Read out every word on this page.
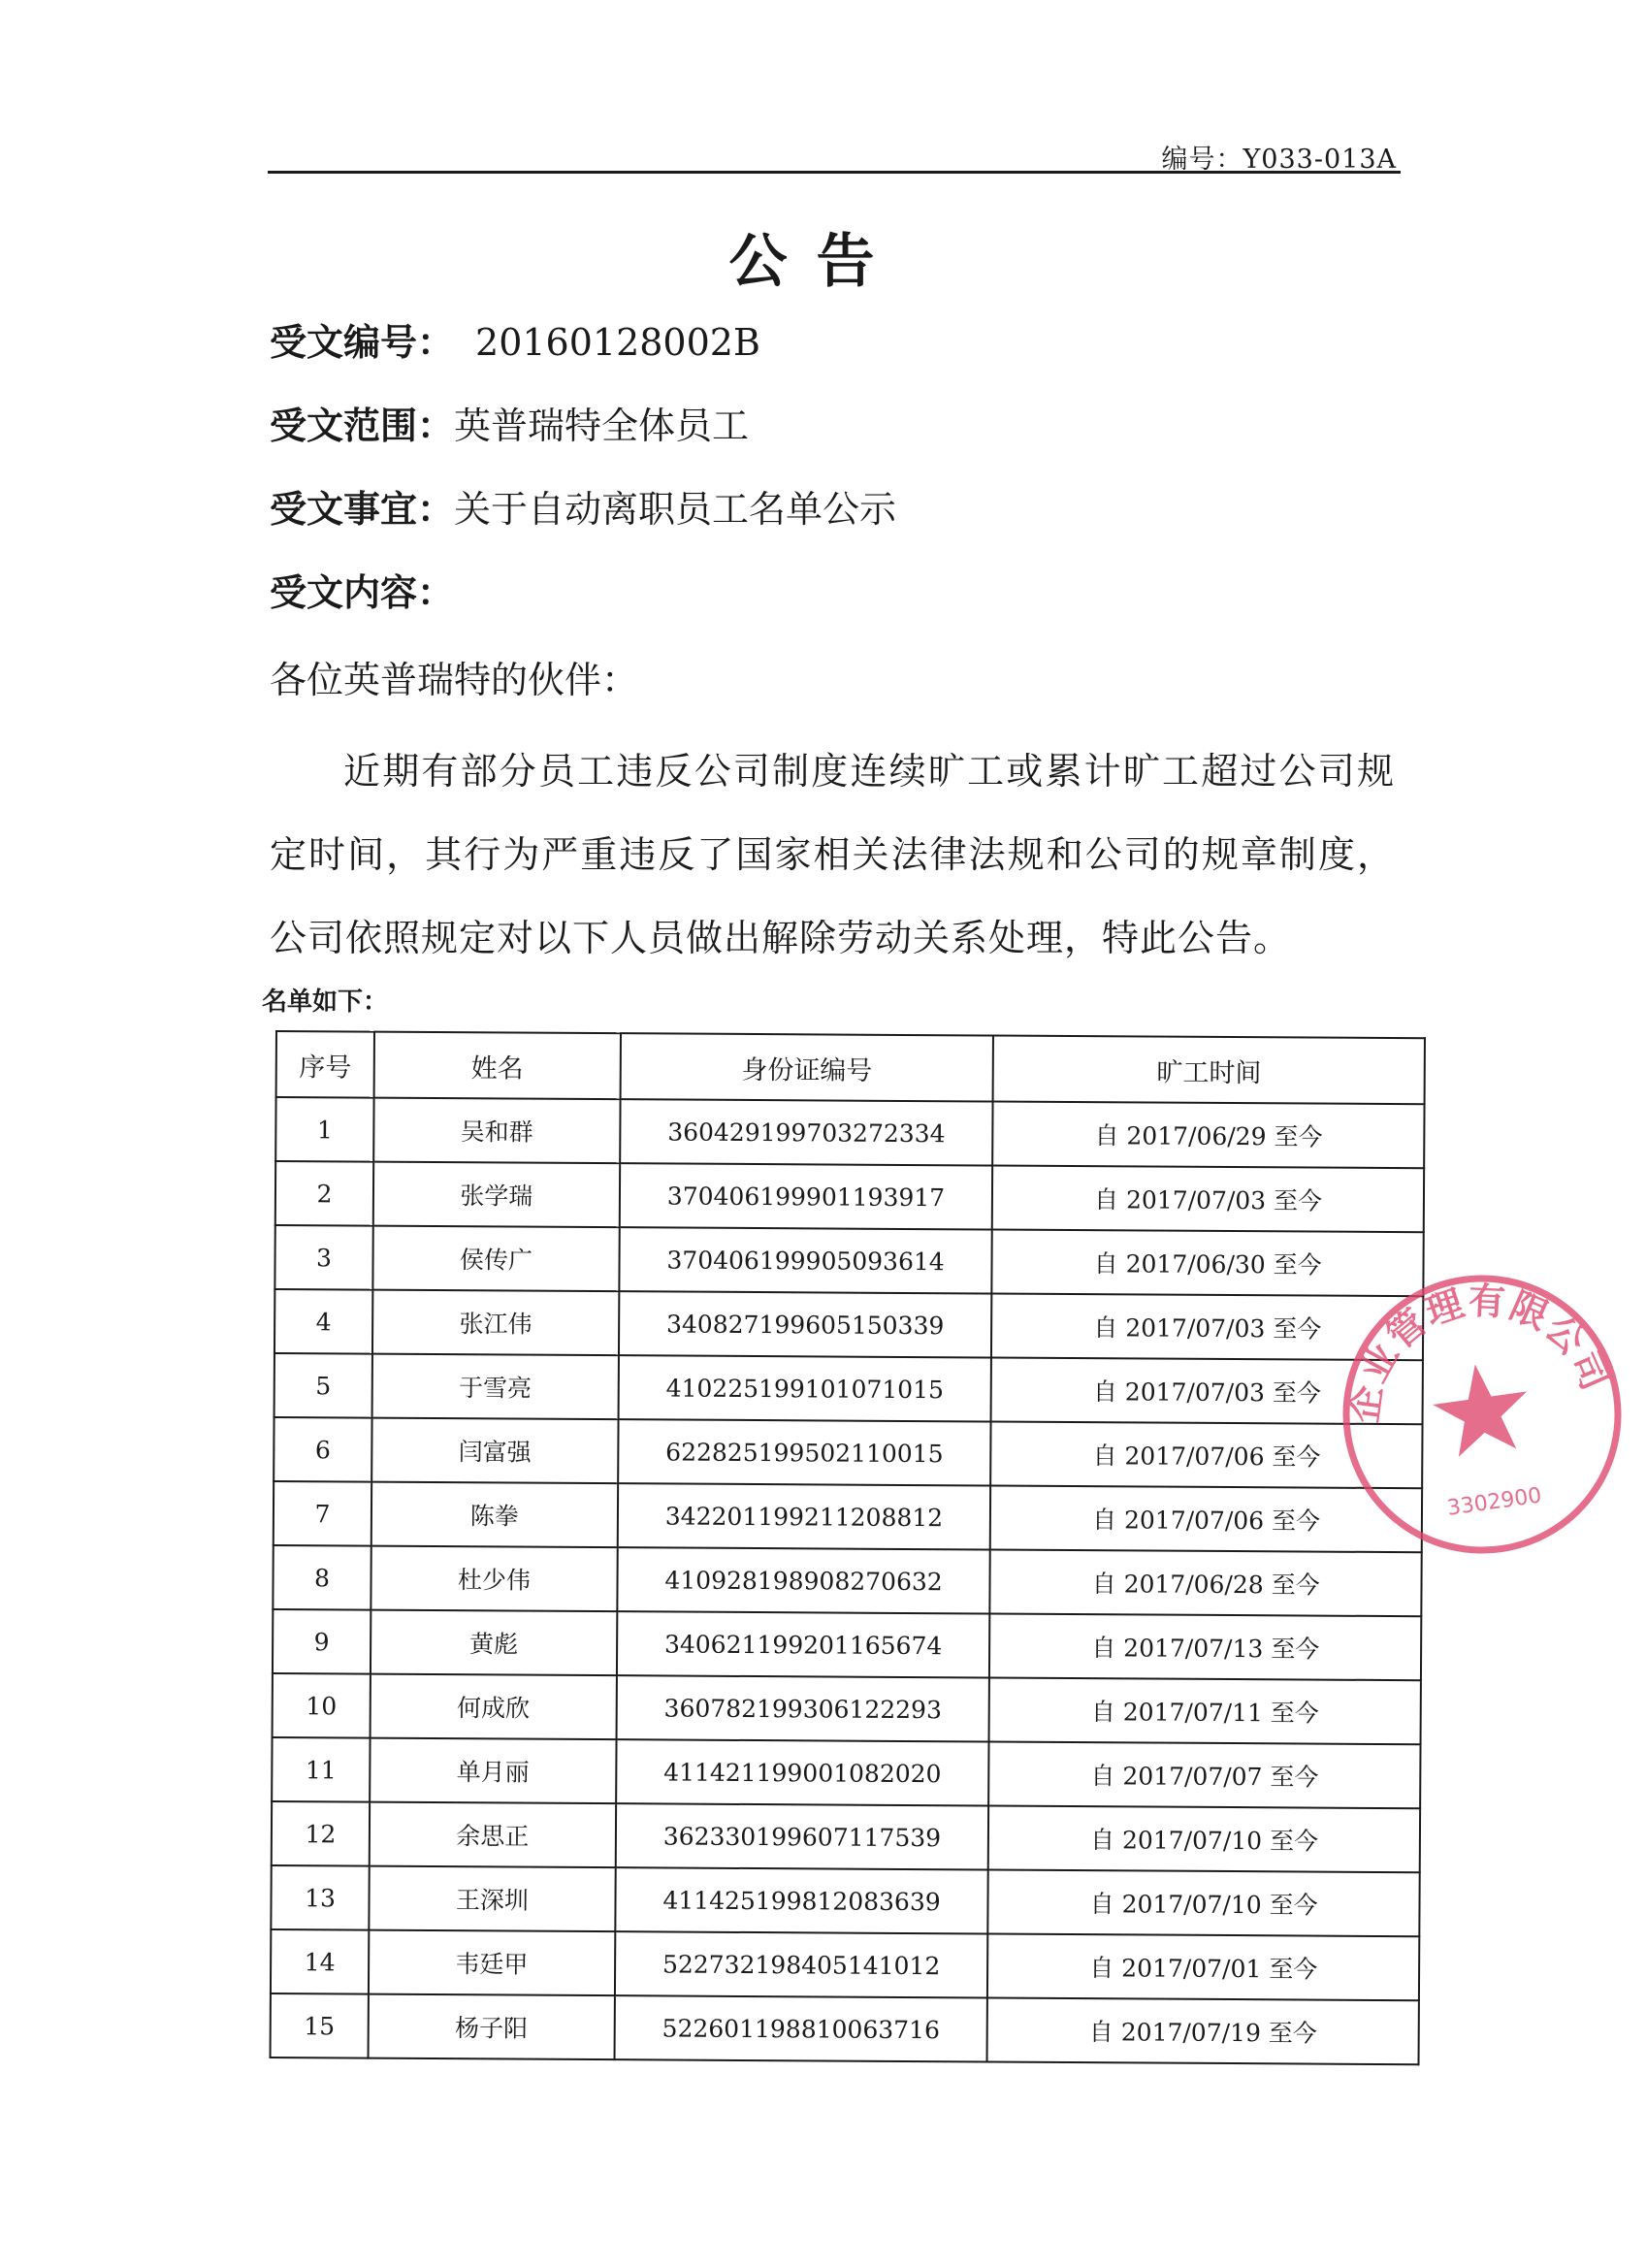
编号：Y033-013A
公告
受文编号： 20160128002B
受文范围：英普瑞特全体员工
受文事宜：关于自动离职员工名单公示
受文内容：
各位英普瑞特的伙伴：
近期有部分员工违反公司制度连续旷工或累计旷工超过公司规定时间，其行为严重违反了国家相关法律法规和公司的规章制度，公司依照规定对以下人员做出解除劳动关系处理，特此公告。
名单如下：
序号	姓名	身份证编号	旷工时间
1	吴和群	360429199703272334	自 2017/06/29 至今
2	张学瑞	370406199901193917	自 2017/07/03 至今
3	侯传广	370406199905093614	自 2017/06/30 至今
4	张江伟	340827199605150339	自 2017/07/03 至今
5	于雪亮	410225199101071015	自 2017/07/03 至今
6	闫富强	622825199502110015	自 2017/07/06 至今
7	陈拳	342201199211208812	自 2017/07/06 至今
8	杜少伟	410928198908270632	自 2017/06/28 至今
9	黄彪	340621199201165674	自 2017/07/13 至今
10	何成欣	360782199306122293	自 2017/07/11 至今
11	单月丽	411421199001082020	自 2017/07/07 至今
12	余思正	362330199607117539	自 2017/07/10 至今
13	王深圳	411425199812083639	自 2017/07/10 至今
14	韦廷甲	522732198405141012	自 2017/07/01 至今
15	杨子阳	522601198810063716	自 2017/07/19 至今
企业管理有限公司
3302900
